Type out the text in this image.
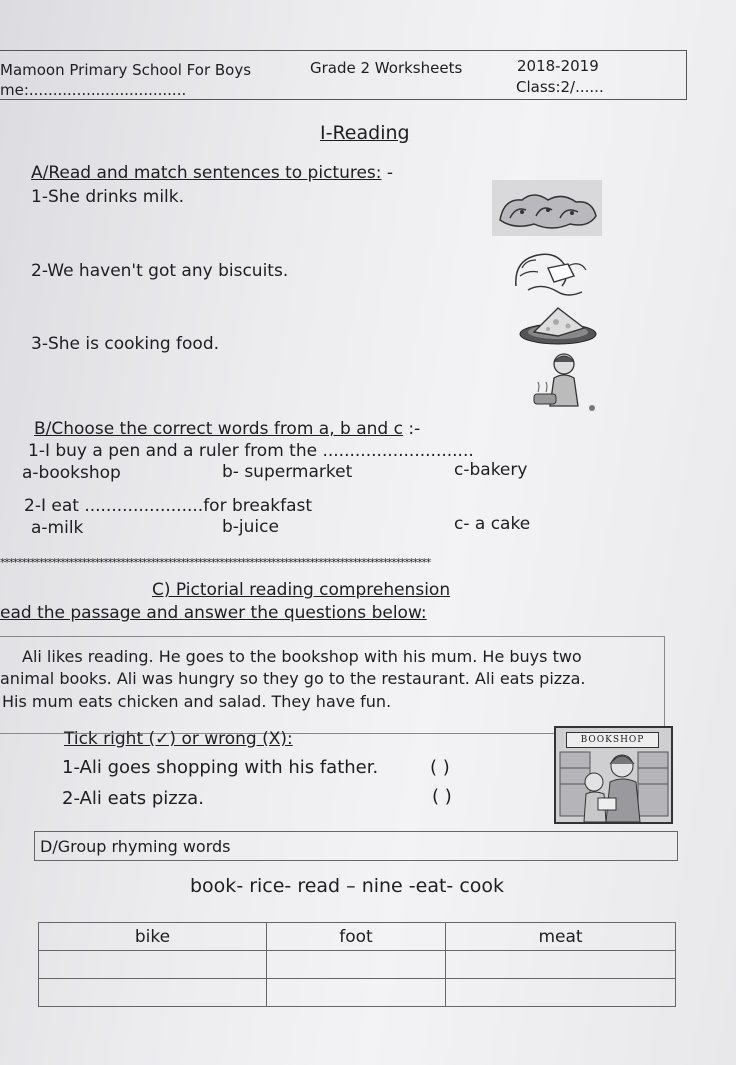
Mamoon Primary School For Boys	Grade 2 Worksheets	2018-2019
me:.................................	Class:2/......
I-Reading
A/Read and match sentences to pictures: -
1-She drinks milk.
2-We haven't got any biscuits.
3-She is cooking food.
B/Choose the correct words from a, b and c :-
1-I buy a pen and a ruler from the ............................
a-bookshop	b- supermarket	c-bakery
2-I eat ......................for breakfast
a-milk	b-juice	c- a cake
****************************************************************************************************
C) Pictorial reading comprehension
ead the passage and answer the questions below:
Ali likes reading. He goes to the bookshop with his mum. He buys two
animal books. Ali was hungry so they go to the restaurant. Ali eats pizza.
His mum eats chicken and salad. They have fun.
Tick right (✓) or wrong (X):
1-Ali goes shopping with his father.	( )
2-Ali eats pizza.	( )
BOOKSHOP
D/Group rhyming words
book- rice- read – nine -eat- cook
bike	foot	meat
